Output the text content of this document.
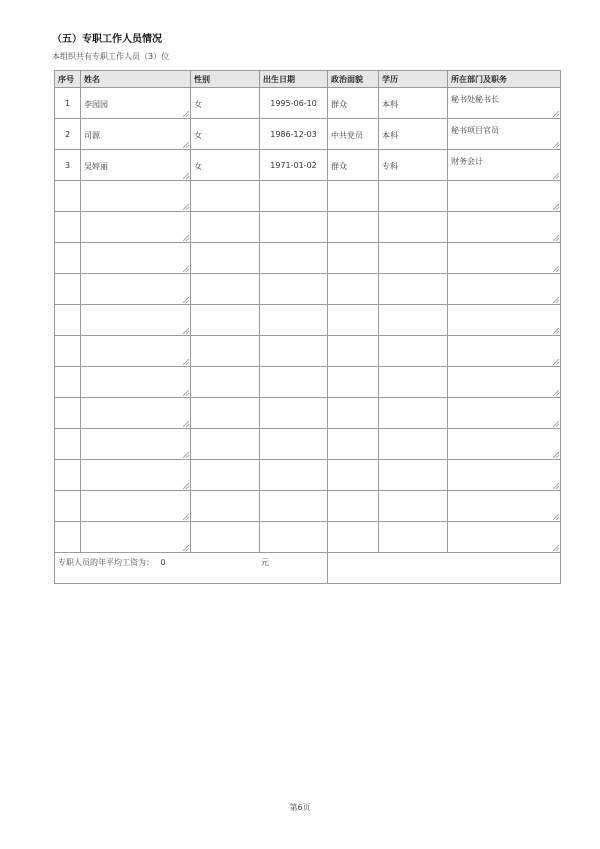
（五）专职工作人员情况
本组织共有专职工作人员（3）位
序号	姓名	性别	出生日期	政治面貌	学历	所在部门及职务

1	李园园	女	1995-06-10	群众	本科	秘书处秘书长

2	司源	女	1986-12-03	中共党员	本科	秘书项目官员

3	吴婷丽	女	1971-01-02	群众	专科	财务会计

专职人员的年平均工资为： 0				元		
第6页
